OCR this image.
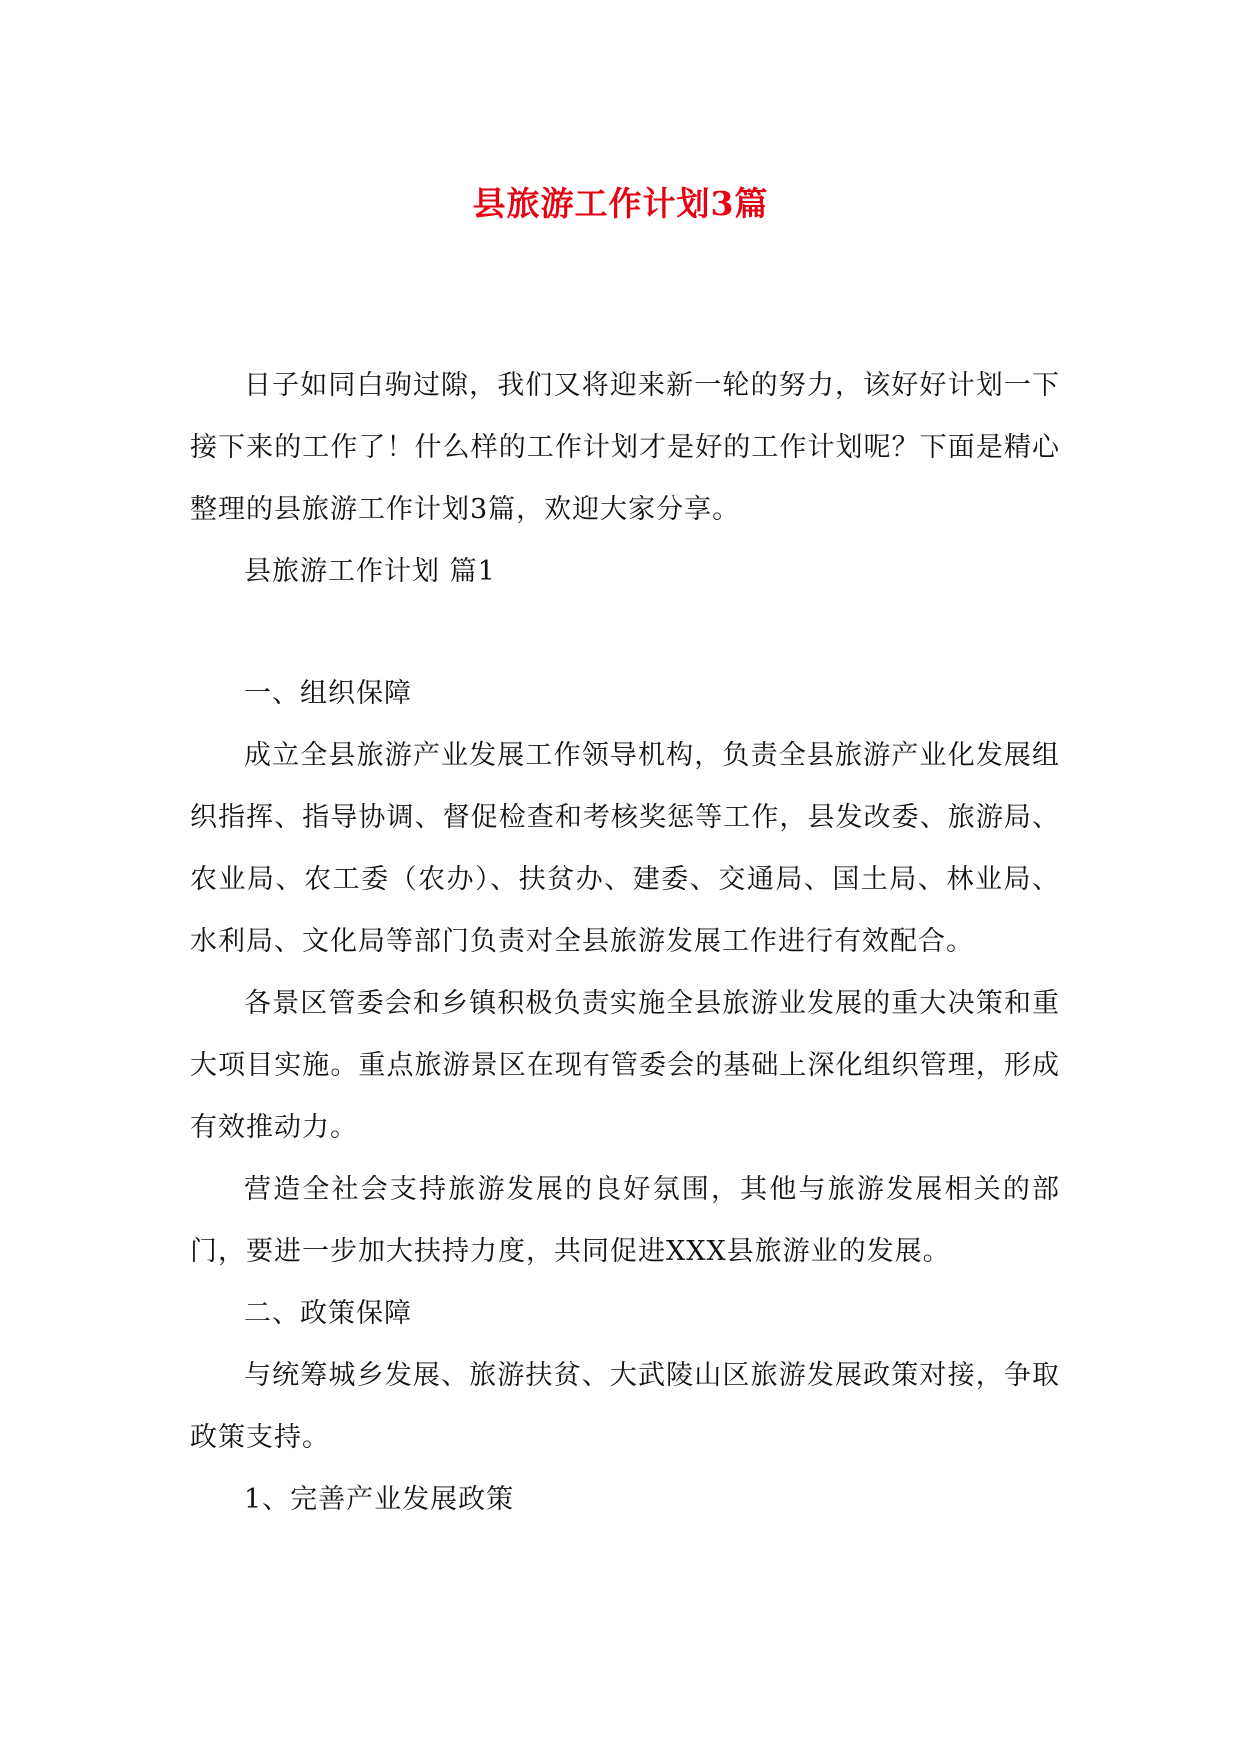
县旅游工作计划3篇

日子如同白驹过隙，我们又将迎来新一轮的努力，该好好计划一下接下来的工作了！什么样的工作计划才是好的工作计划呢？下面是精心整理的县旅游工作计划3篇，欢迎大家分享。

县旅游工作计划 篇1

一、组织保障

成立全县旅游产业发展工作领导机构，负责全县旅游产业化发展组织指挥、指导协调、督促检查和考核奖惩等工作，县发改委、旅游局、农业局、农工委（农办）、扶贫办、建委、交通局、国土局、林业局、水利局、文化局等部门负责对全县旅游发展工作进行有效配合。

各景区管委会和乡镇积极负责实施全县旅游业发展的重大决策和重大项目实施。重点旅游景区在现有管委会的基础上深化组织管理，形成有效推动力。

营造全社会支持旅游发展的良好氛围，其他与旅游发展相关的部门，要进一步加大扶持力度，共同促进XXX县旅游业的发展。

二、政策保障

与统筹城乡发展、旅游扶贫、大武陵山区旅游发展政策对接，争取政策支持。

1、完善产业发展政策
